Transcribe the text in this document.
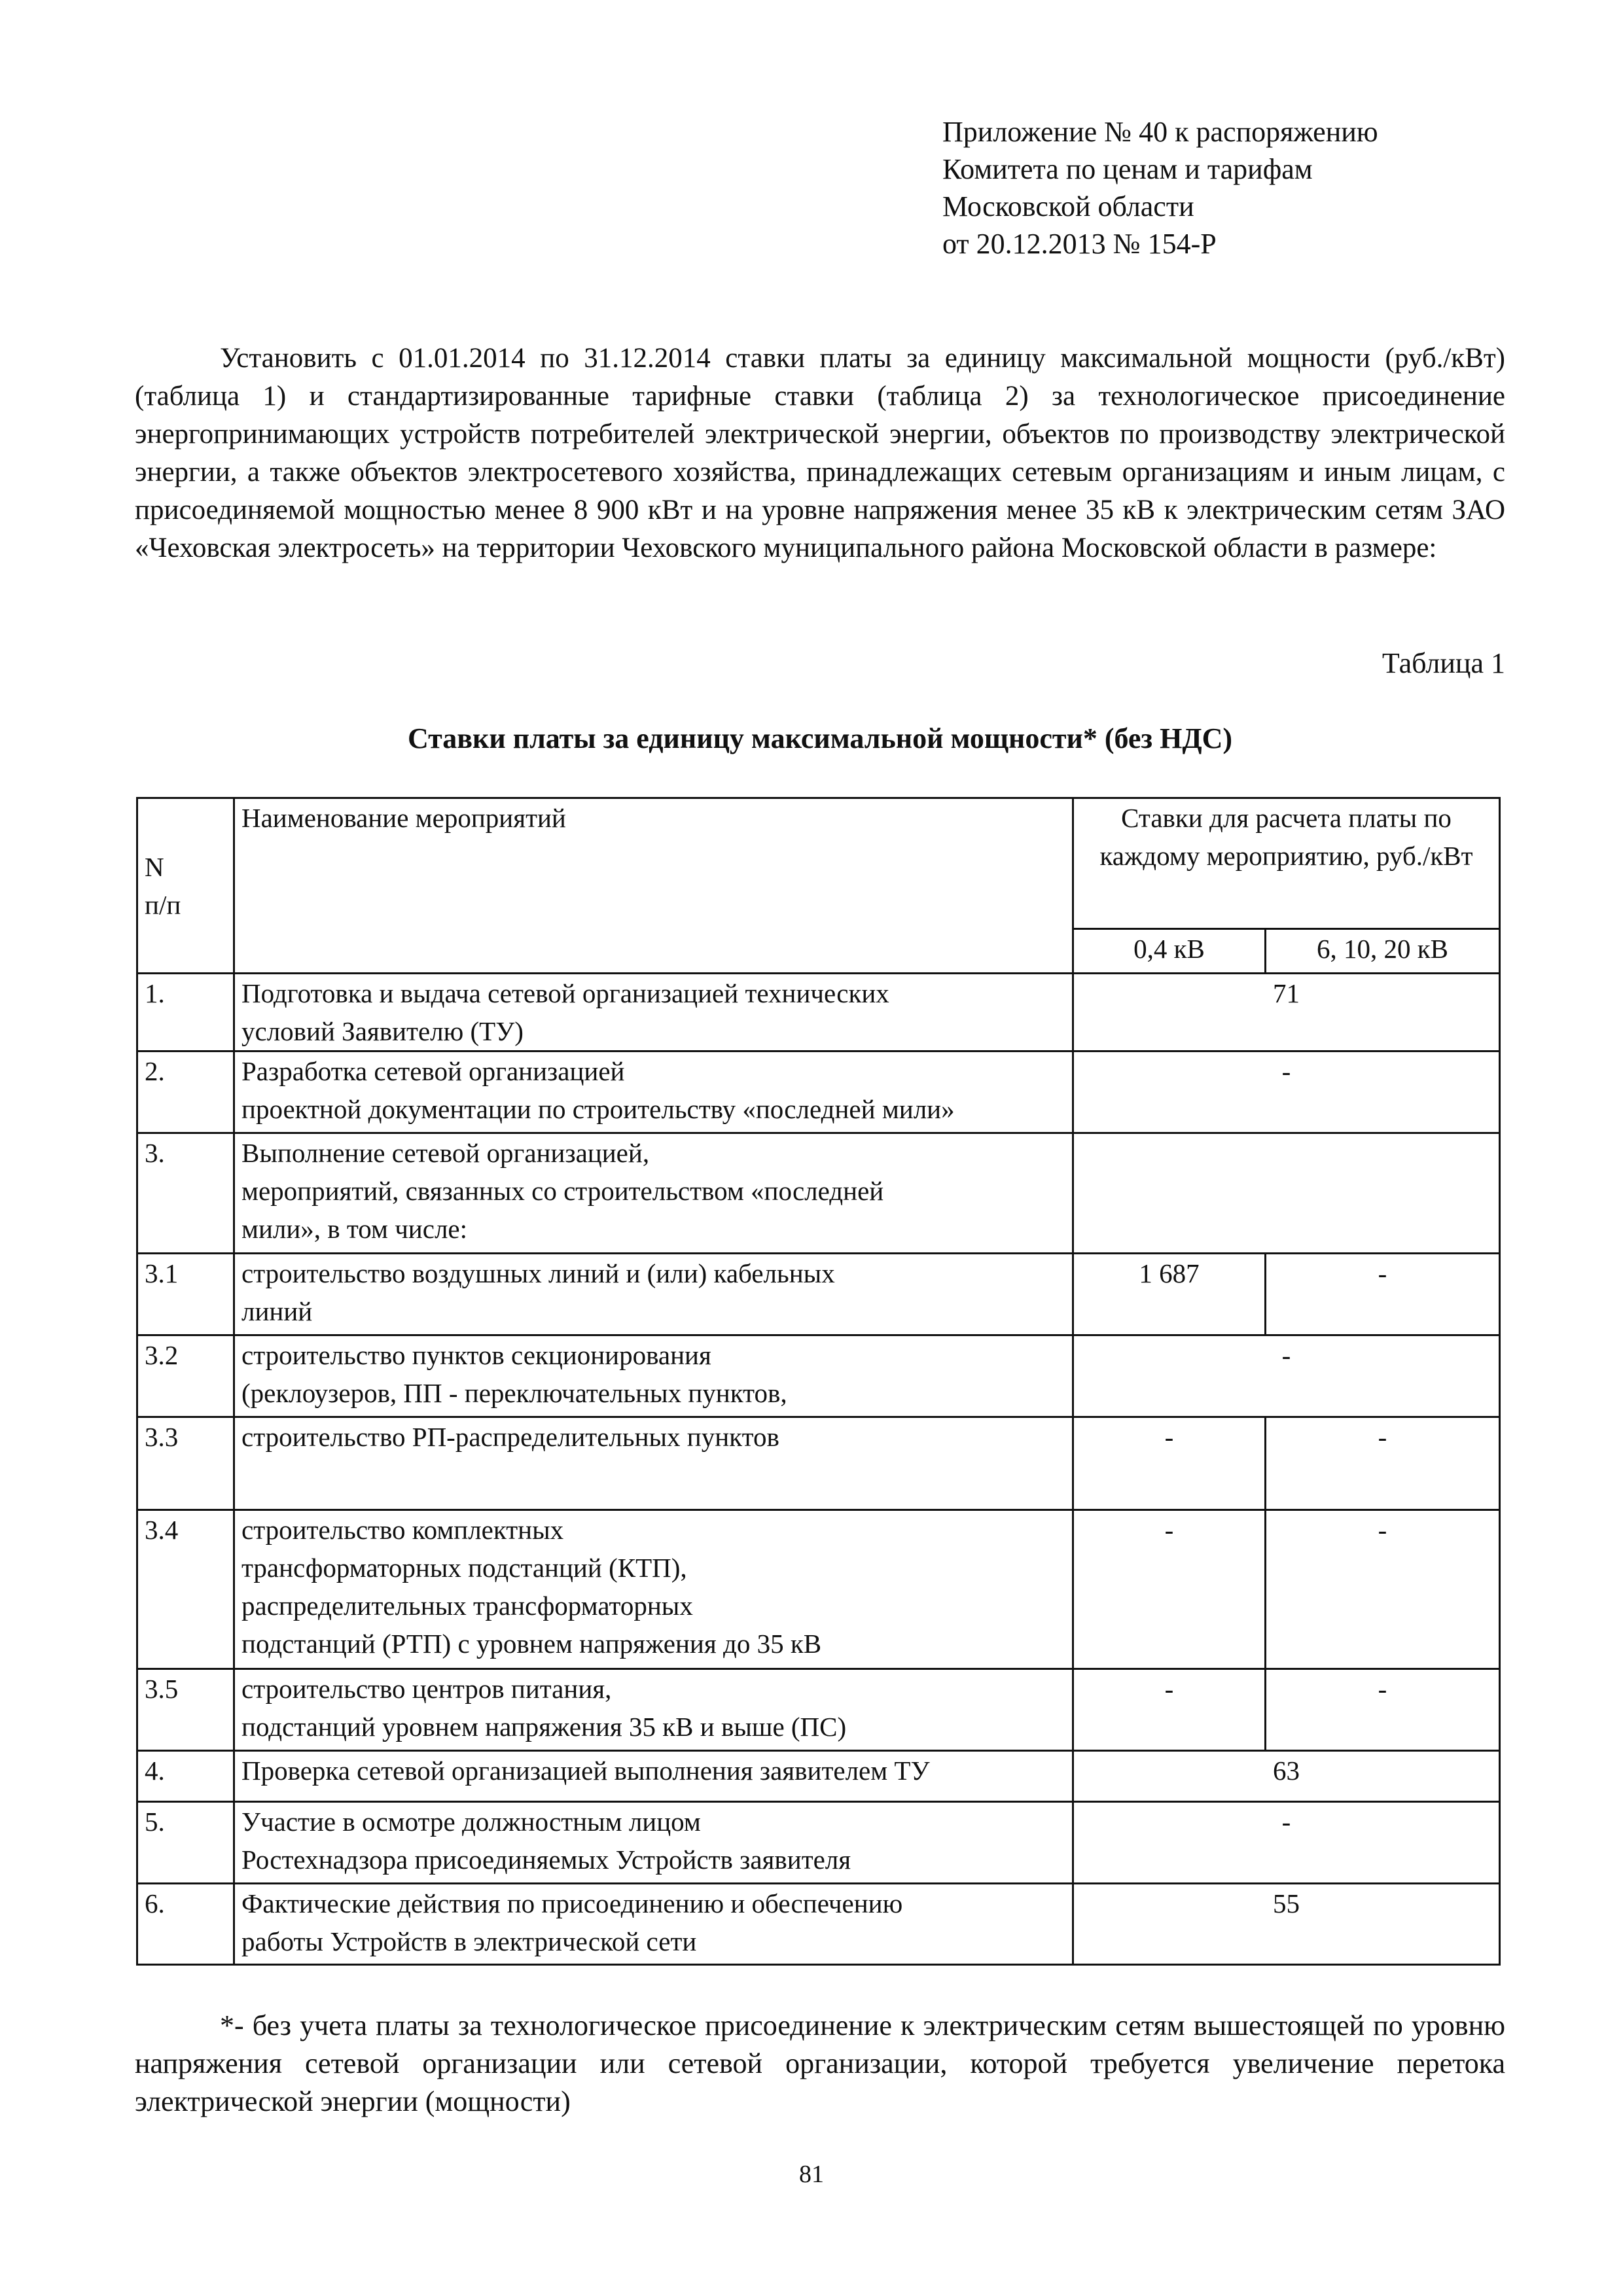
Приложение № 40 к распоряжению
Комитета по ценам и тарифам
Московской области
от 20.12.2013 № 154-Р

Установить с 01.01.2014 по 31.12.2014 ставки платы за единицу максимальной мощности (руб./кВт) (таблица 1) и стандартизированные тарифные ставки (таблица 2) за технологическое присоединение энергопринимающих устройств потребителей электрической энергии, объектов по производству электрической энергии, а также объектов электросетевого хозяйства, принадлежащих сетевым организациям и иным лицам, с присоединяемой мощностью менее 8 900 кВт и на уровне напряжения менее 35 кВ к электрическим сетям ЗАО «Чеховская электросеть» на территории Чеховского муниципального района Московской области в размере:

Таблица 1
Ставки платы за единицу максимальной мощности* (без НДС)
N
п/п	Наименование мероприятий	Ставки для расчета платы по каждому мероприятию, руб./кВт	
		0,4 кВ	6, 10, 20 кВ
1.	Подготовка и выдача сетевой организацией технических
условий Заявителю (ТУ)	71	
2.	Разработка сетевой организацией
проектной документации по строительству «последней мили»	-	
3.	Выполнение сетевой организацией,
мероприятий, связанных со строительством «последней
мили», в том числе:		
3.1	строительство воздушных линий и (или) кабельных
линий	1 687	-
3.2	строительство пунктов секционирования
(реклоузеров, ПП - переключательных пунктов,	-	
3.3	строительство РП-распределительных пунктов	-	-
3.4	строительство комплектных
трансформаторных подстанций (КТП),
распределительных трансформаторных
подстанций (РТП) с уровнем напряжения до 35 кВ	-	-
3.5	строительство центров питания,
подстанций уровнем напряжения 35 кВ и выше (ПС)	-	-
4.	Проверка сетевой организацией выполнения заявителем ТУ	63	
5.	Участие в осмотре должностным лицом
Ростехнадзора присоединяемых Устройств заявителя	-	
6.	Фактические действия по присоединению и обеспечению
работы Устройств в электрической сети	55	

*- без учета платы за технологическое присоединение к электрическим сетям вышестоящей по уровню напряжения сетевой организации или сетевой организации, которой требуется увеличение перетока электрической энергии (мощности)

81
